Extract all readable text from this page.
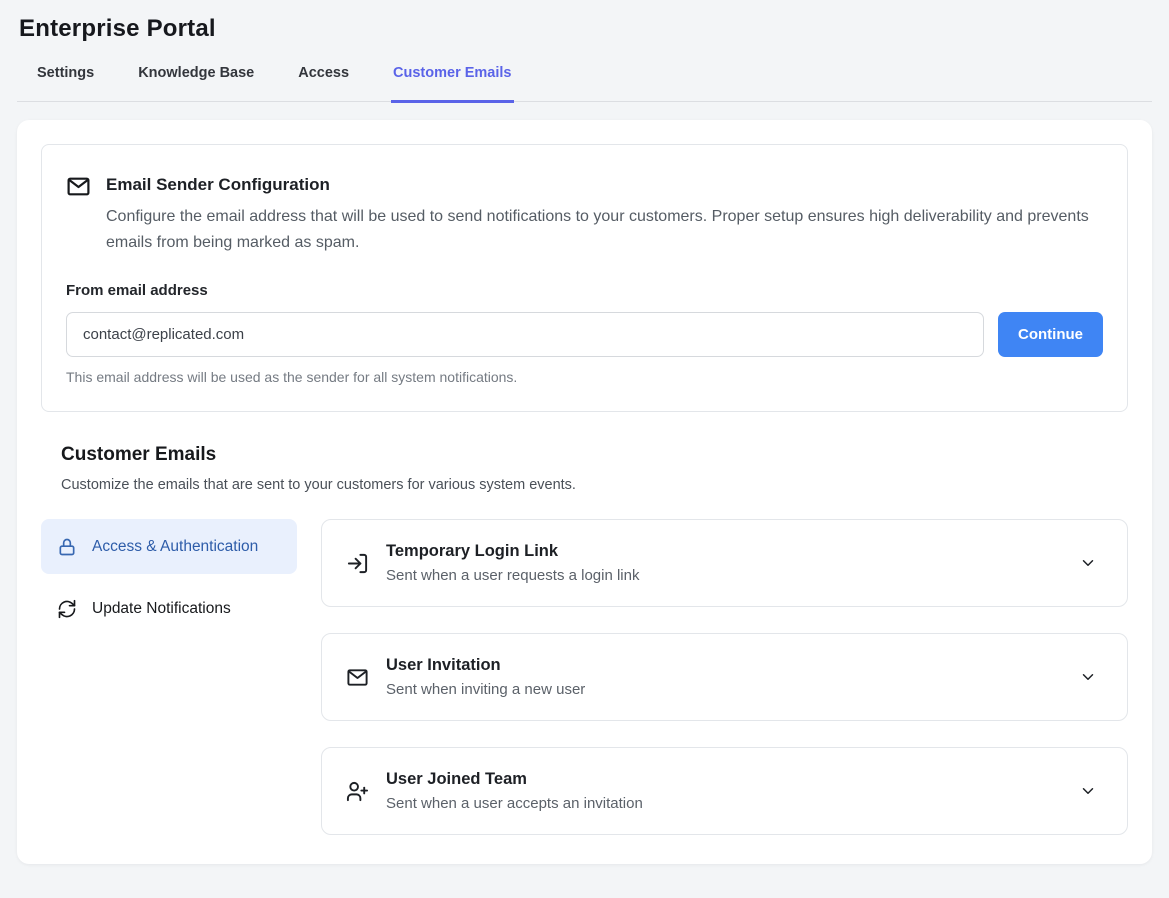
Enterprise Portal
Settings	Knowledge Base	Access	Customer Emails
Email Sender Configuration
Configure the email address that will be used to send notifications to your customers. Proper setup ensures high deliverability and prevents emails from being marked as spam.
From email address
contact@replicated.com
Continue
This email address will be used as the sender for all system notifications.
Customer Emails
Customize the emails that are sent to your customers for various system events.
Access & Authentication
Update Notifications
Temporary Login Link
Sent when a user requests a login link
User Invitation
Sent when inviting a new user
User Joined Team
Sent when a user accepts an invitation
